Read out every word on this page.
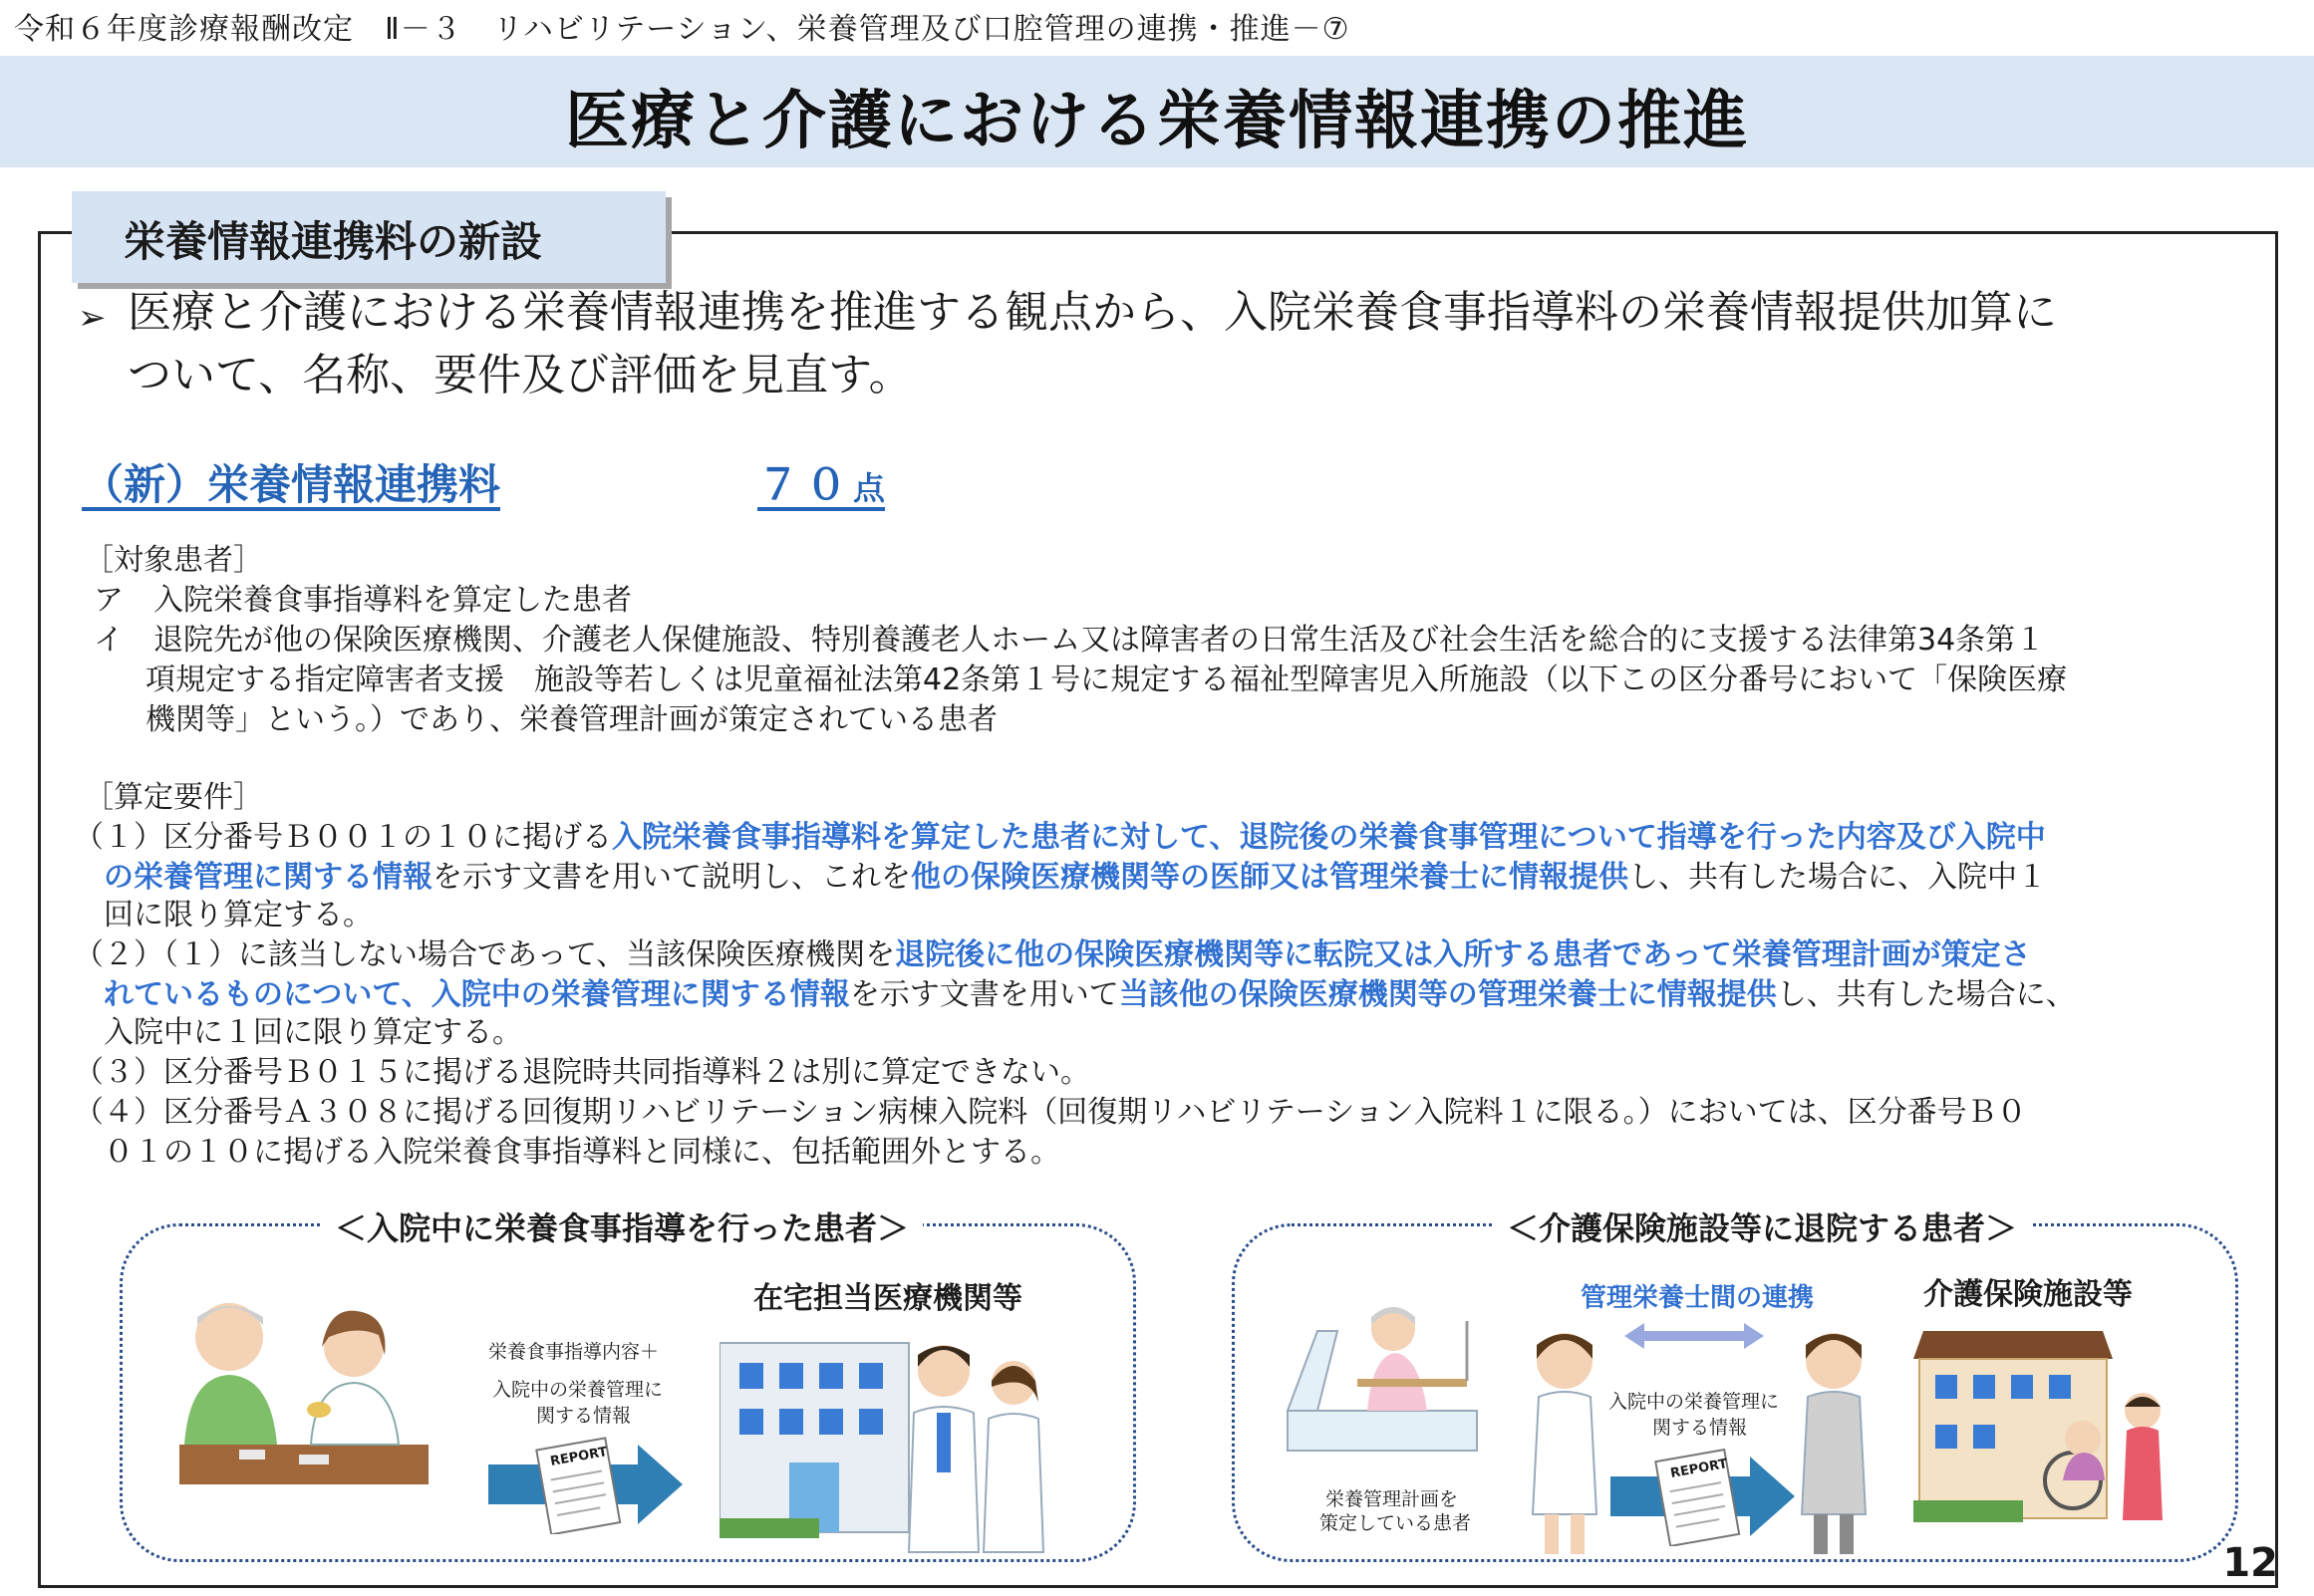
令和６年度診療報酬改定　Ⅱ－３　リハビリテーション、栄養管理及び口腔管理の連携・推進－⑦
医療と介護における栄養情報連携の推進
栄養情報連携料の新設
➢ 医療と介護における栄養情報連携を推進する観点から、入院栄養食事指導料の栄養情報提供加算に
ついて、名称、要件及び評価を見直す。
（新）栄養情報連携料	７０点
［対象患者］
ア　入院栄養食事指導料を算定した患者
イ　退院先が他の保険医療機関、介護老人保健施設、特別養護老人ホーム又は障害者の日常生活及び社会生活を総合的に支援する法律第34条第１
項規定する指定障害者支援　施設等若しくは児童福祉法第42条第１号に規定する福祉型障害児入所施設（以下この区分番号において「保険医療
機関等」という。）であり、栄養管理計画が策定されている患者
［算定要件］
（１）区分番号Ｂ００１の１０に掲げる入院栄養食事指導料を算定した患者に対して、退院後の栄養食事管理について指導を行った内容及び入院中
の栄養管理に関する情報を示す文書を用いて説明し、これを他の保険医療機関等の医師又は管理栄養士に情報提供し、共有した場合に、入院中１
回に限り算定する。
（２）（１）に該当しない場合であって、当該保険医療機関を退院後に他の保険医療機関等に転院又は入所する患者であって栄養管理計画が策定さ
れているものについて、入院中の栄養管理に関する情報を示す文書を用いて当該他の保険医療機関等の管理栄養士に情報提供し、共有した場合に、
入院中に１回に限り算定する。
（３）区分番号Ｂ０１５に掲げる退院時共同指導料２は別に算定できない。
（４）区分番号Ａ３０８に掲げる回復期リハビリテーション病棟入院料（回復期リハビリテーション入院料１に限る。）においては、区分番号Ｂ０
０１の１０に掲げる入院栄養食事指導料と同様に、包括範囲外とする。
＜入院中に栄養食事指導を行った患者＞
栄養食事指導内容＋
入院中の栄養管理に
関する情報
REPORT
在宅担当医療機関等
＜介護保険施設等に退院する患者＞
栄養管理計画を
策定している患者
管理栄養士間の連携
入院中の栄養管理に
関する情報
REPORT
介護保険施設等
12
